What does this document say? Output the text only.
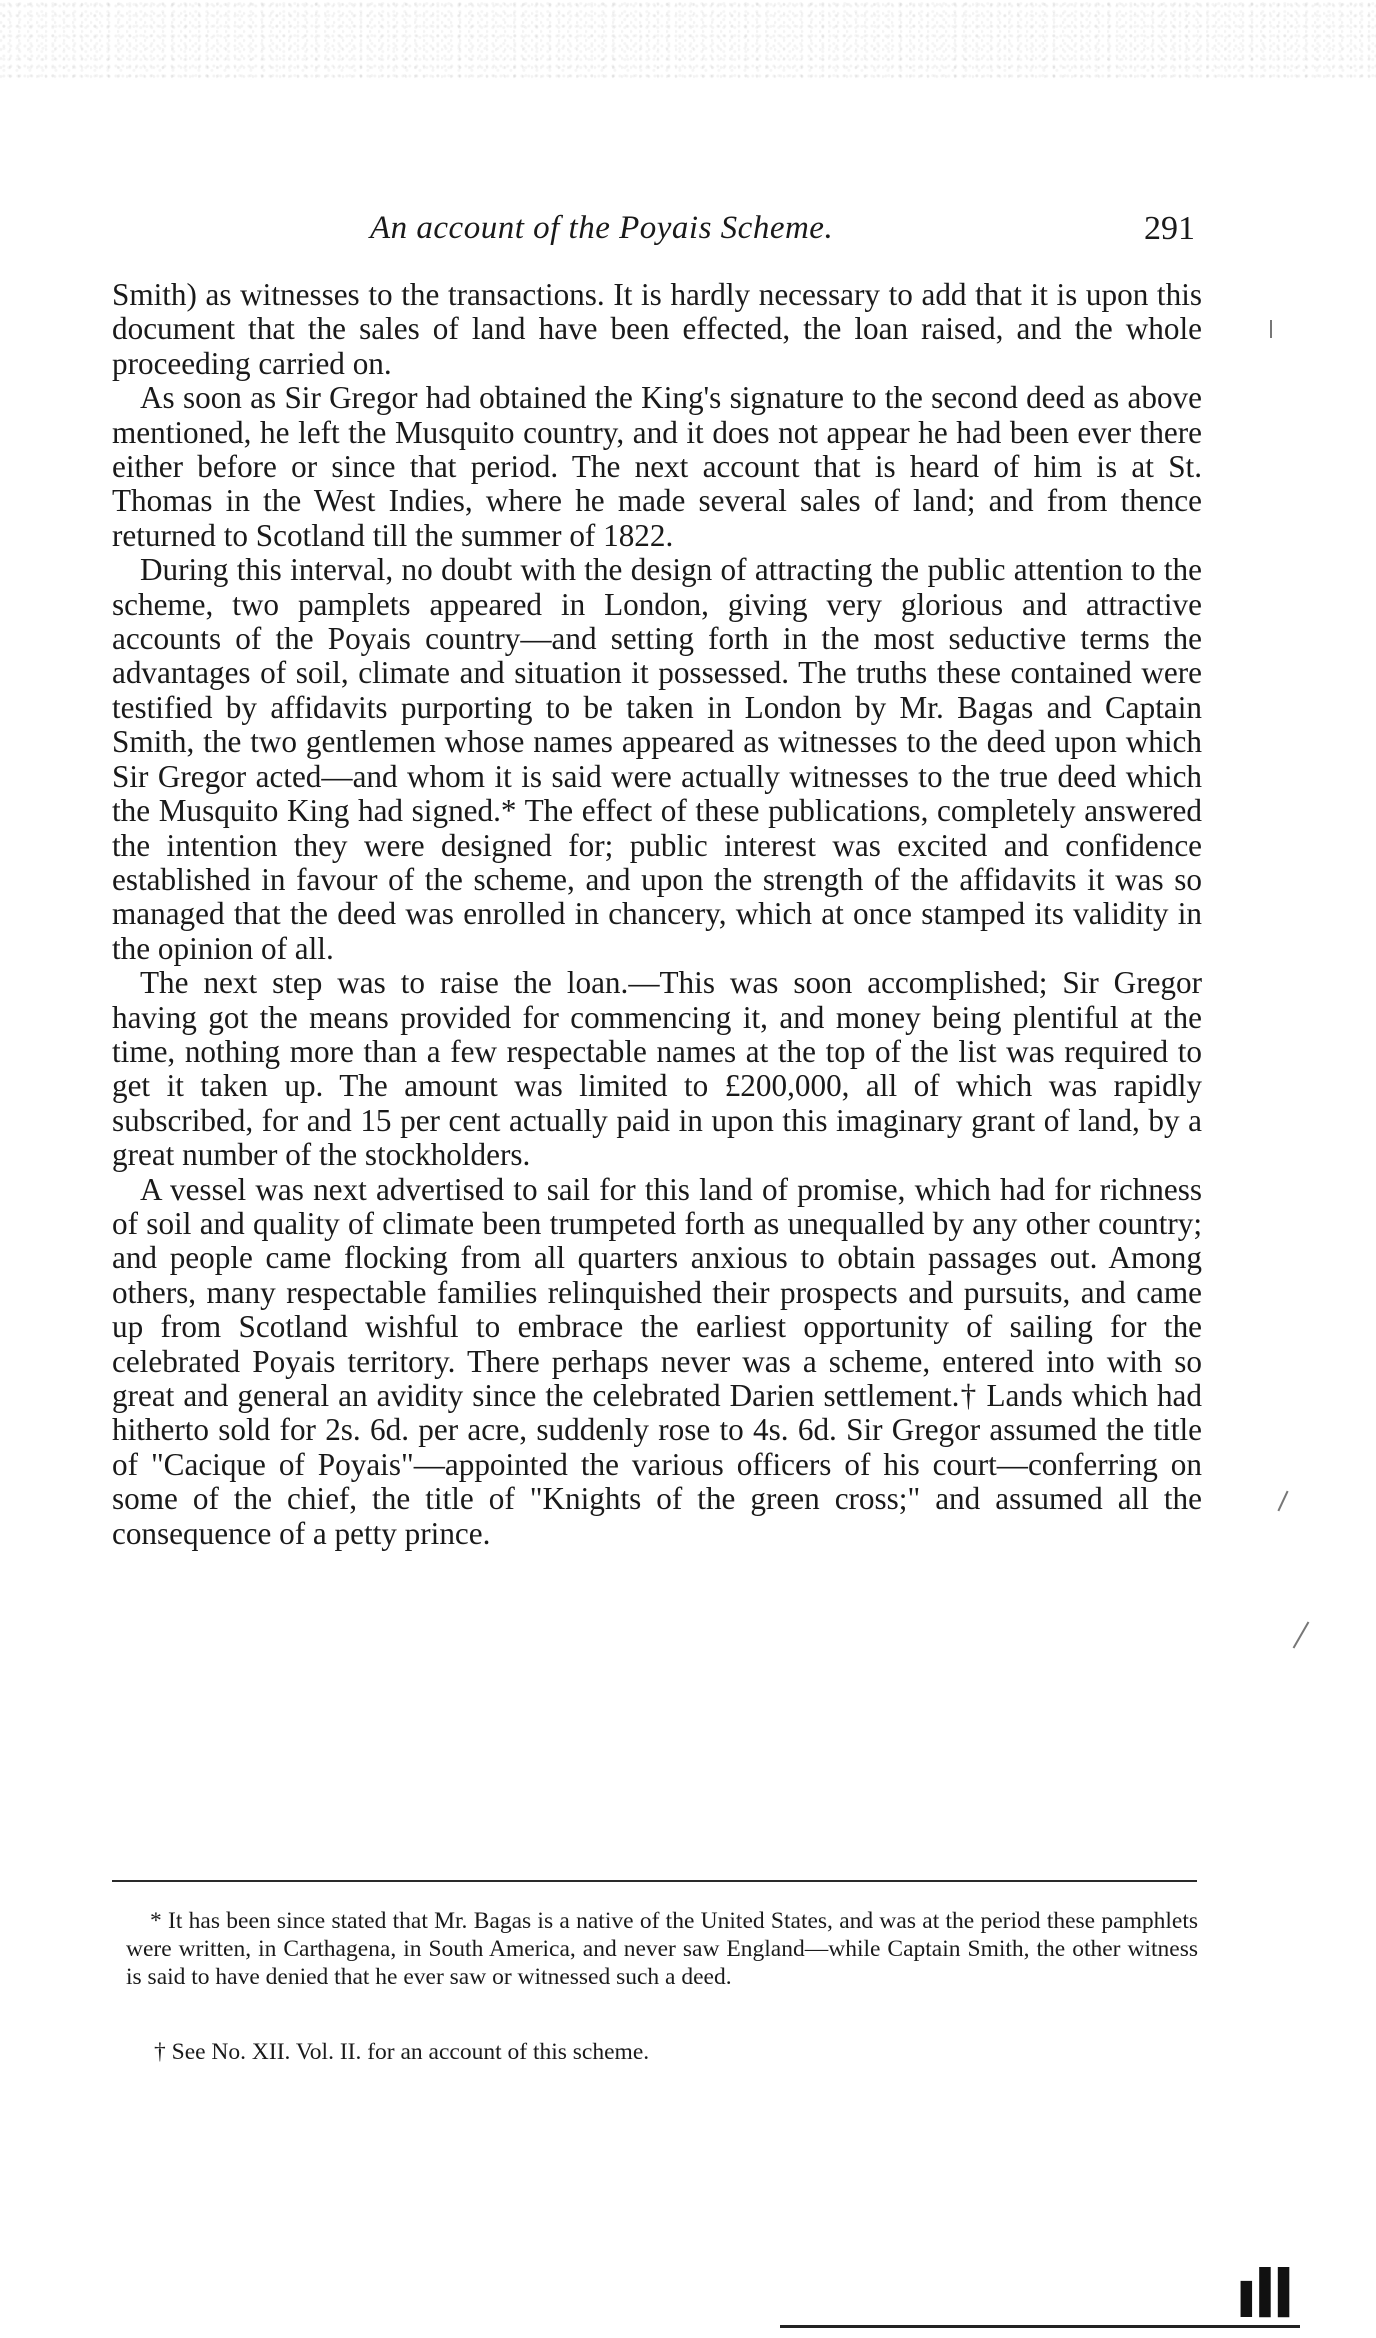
An account of the Poyais Scheme.	291

Smith) as witnesses to the transactions. It is hardly necessary to add that it is upon this document that the sales of land have been effected, the loan raised, and the whole proceeding carried on.

As soon as Sir Gregor had obtained the King's signature to the second deed as above mentioned, he left the Musquito country, and it does not appear he had been ever there either before or since that period. The next account that is heard of him is at St. Thomas in the West Indies, where he made several sales of land; and from thence returned to Scotland till the summer of 1822.

During this interval, no doubt with the design of attracting the public attention to the scheme, two pamplets appeared in London, giving very glorious and attractive accounts of the Poyais country—and setting forth in the most seductive terms the advantages of soil, climate and situation it possessed. The truths these contained were testified by affidavits purporting to be taken in London by Mr. Bagas and Captain Smith, the two gentlemen whose names appeared as witnesses to the deed upon which Sir Gregor acted—and whom it is said were actually witnesses to the true deed which the Musquito King had signed.* The effect of these publications, completely answered the intention they were designed for; public interest was excited and confidence established in favour of the scheme, and upon the strength of the affidavits it was so managed that the deed was enrolled in chancery, which at once stamped its validity in the opinion of all.

The next step was to raise the loan.—This was soon accomplished; Sir Gregor having got the means provided for commencing it, and money being plentiful at the time, nothing more than a few respectable names at the top of the list was required to get it taken up. The amount was limited to £200,000, all of which was rapidly subscribed, for and 15 per cent actually paid in upon this imaginary grant of land, by a great number of the stockholders.

A vessel was next advertised to sail for this land of promise, which had for richness of soil and quality of climate been trumpeted forth as unequalled by any other country; and people came flocking from all quarters anxious to obtain passages out. Among others, many respectable families relinquished their prospects and pursuits, and came up from Scotland wishful to embrace the earliest opportunity of sailing for the celebrated Poyais territory. There perhaps never was a scheme, entered into with so great and general an avidity since the celebrated Darien settlement.† Lands which had hitherto sold for 2s. 6d. per acre, suddenly rose to 4s. 6d. Sir Gregor assumed the title of "Cacique of Poyais"—appointed the various officers of his court—conferring on some of the chief, the title of "Knights of the green cross;" and assumed all the consequence of a petty prince.

* It has been since stated that Mr. Bagas is a native of the United States, and was at the period these pamphlets were written, in Carthagena, in South America, and never saw England—while Captain Smith, the other witness is said to have denied that he ever saw or witnessed such a deed.

† See No. XII. Vol. II. for an account of this scheme.

ıll
